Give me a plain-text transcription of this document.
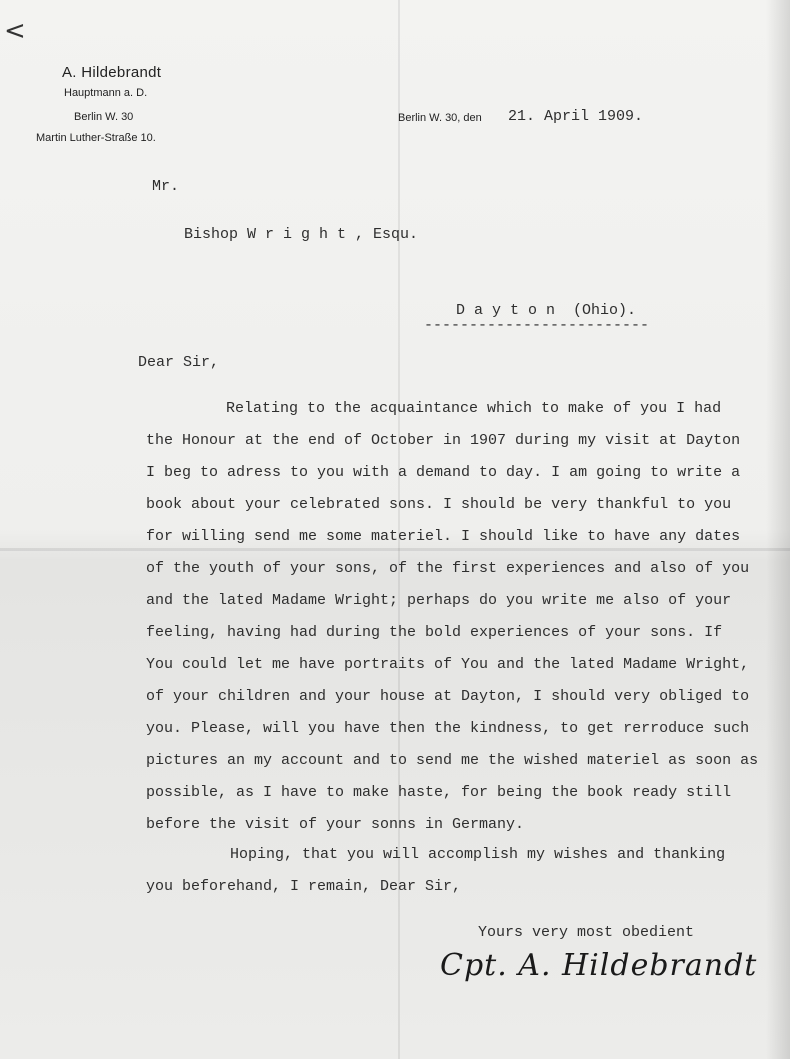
<
A. Hildebrandt
Hauptmann a. D.
Berlin W. 30
Martin Luther-Straße 10.
Berlin W. 30, den 21. April 1909.
Mr.
Bishop W r i g h t , Esqu.
D a y t o n  (Ohio).
-------------------------
Dear Sir,
Relating to the acquaintance which to make of you I had
the Honour at the end of October in 1907 during my visit at Dayton
I beg to adress to you with a demand to day. I am going to write a
book about your celebrated sons. I should be very thankful to you
for willing send me some materiel. I should like to have any dates
of the youth of your sons, of the first experiences and also of you
and the lated Madame Wright; perhaps do you write me also of your
feeling, having had during the bold experiences of your sons. If
You could let me have portraits of You and the lated Madame Wright,
of your children and your house at Dayton, I should very obliged to
you. Please, will you have then the kindness, to get rerroduce such
pictures an my account and to send me the wished materiel as soon as
possible, as I have to make haste, for being the book ready still
before the visit of your sonns in Germany.
Hoping, that you will accomplish my wishes and thanking
you beforehand, I remain, Dear Sir,
Yours very most obedient
Cpt. A. Hildebrandt
